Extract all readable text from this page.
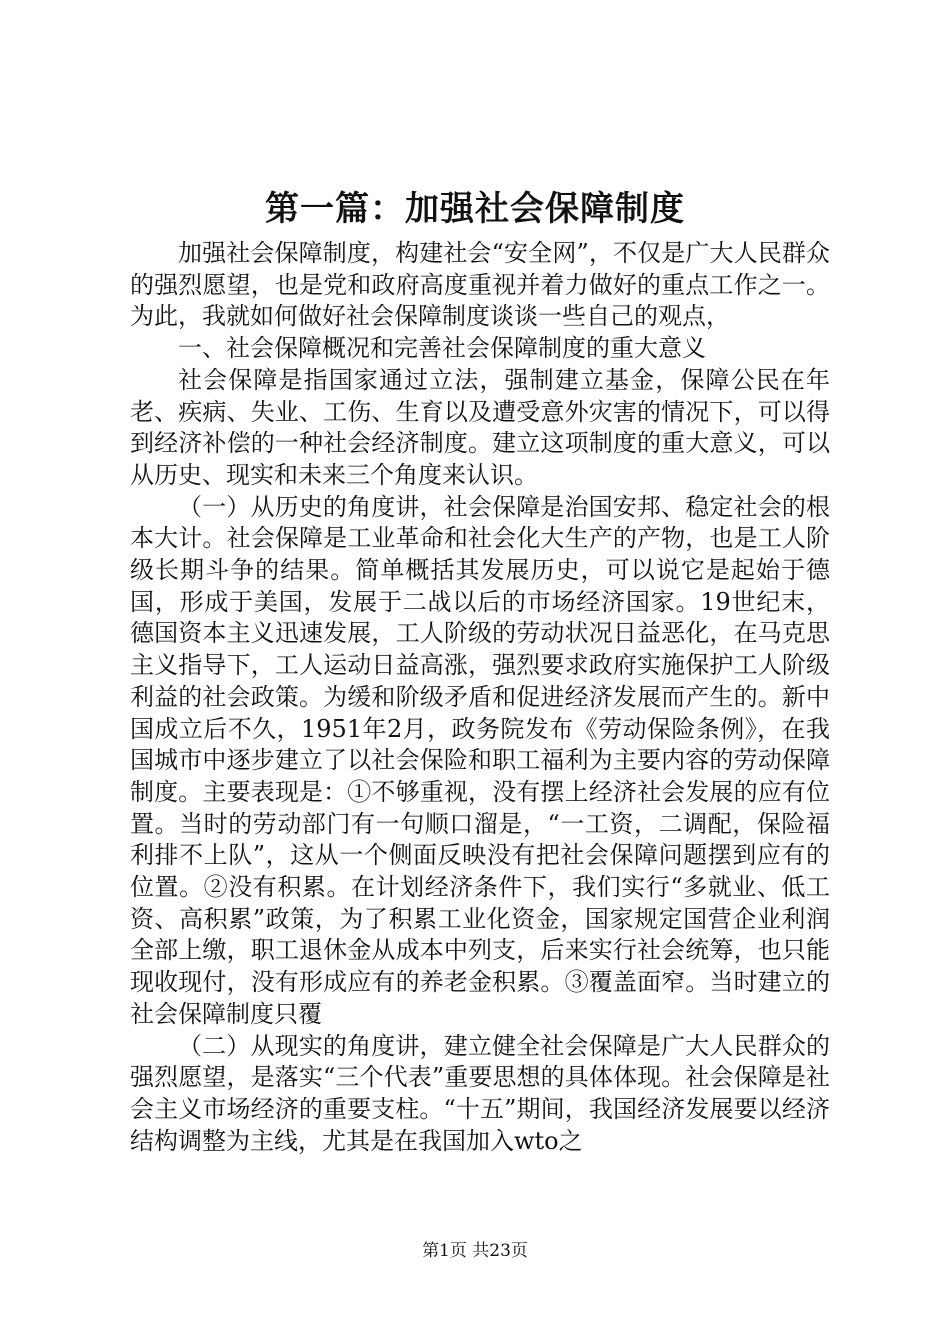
第一篇：加强社会保障制度

加强社会保障制度，构建社会“安全网”，不仅是广大人民群众的强烈愿望，也是党和政府高度重视并着力做好的重点工作之一。为此，我就如何做好社会保障制度谈谈一些自己的观点，

一、社会保障概况和完善社会保障制度的重大意义

社会保障是指国家通过立法，强制建立基金，保障公民在年老、疾病、失业、工伤、生育以及遭受意外灾害的情况下，可以得到经济补偿的一种社会经济制度。建立这项制度的重大意义，可以从历史、现实和未来三个角度来认识。

（一）从历史的角度讲，社会保障是治国安邦、稳定社会的根本大计。社会保障是工业革命和社会化大生产的产物，也是工人阶级长期斗争的结果。简单概括其发展历史，可以说它是起始于德国，形成于美国，发展于二战以后的市场经济国家。19世纪末，德国资本主义迅速发展，工人阶级的劳动状况日益恶化，在马克思主义指导下，工人运动日益高涨，强烈要求政府实施保护工人阶级利益的社会政策。为缓和阶级矛盾和促进经济发展而产生的。新中国成立后不久，1951年2月，政务院发布《劳动保险条例》，在我国城市中逐步建立了以社会保险和职工福利为主要内容的劳动保障制度。主要表现是：①不够重视，没有摆上经济社会发展的应有位置。当时的劳动部门有一句顺口溜是，“一工资，二调配，保险福利排不上队”，这从一个侧面反映没有把社会保障问题摆到应有的位置。②没有积累。在计划经济条件下，我们实行“多就业、低工资、高积累”政策，为了积累工业化资金，国家规定国营企业利润全部上缴，职工退休金从成本中列支，后来实行社会统筹，也只能现收现付，没有形成应有的养老金积累。③覆盖面窄。当时建立的社会保障制度只覆

（二）从现实的角度讲，建立健全社会保障是广大人民群众的强烈愿望，是落实“三个代表”重要思想的具体体现。社会保障是社会主义市场经济的重要支柱。“十五”期间，我国经济发展要以经济结构调整为主线，尤其是在我国加入wto之

第1页 共23页
